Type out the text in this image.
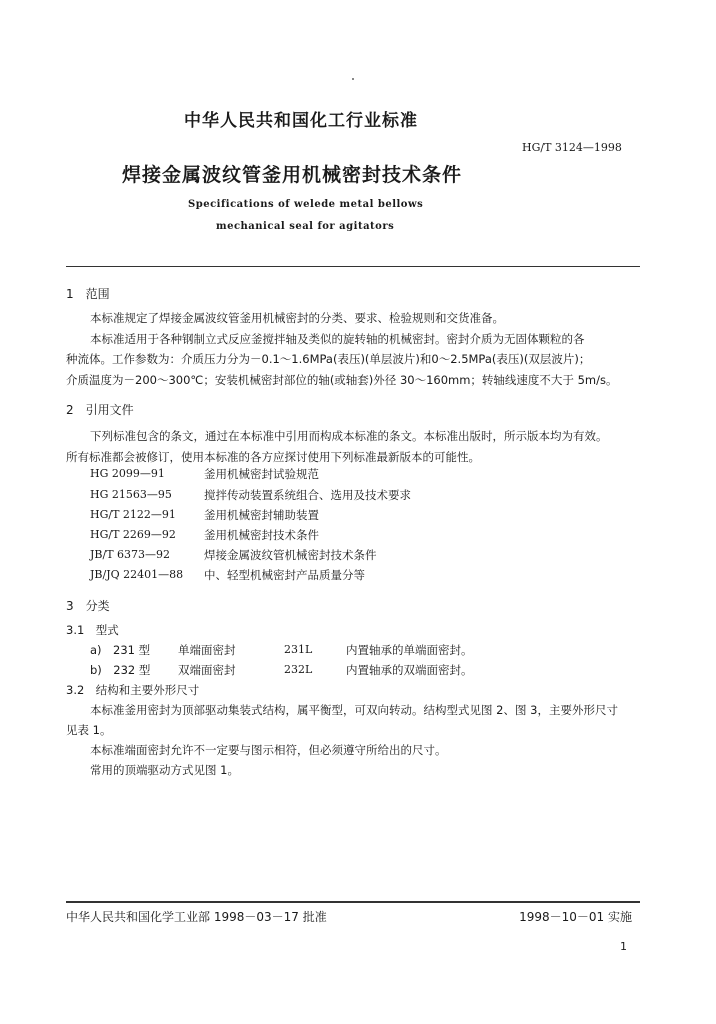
中华人民共和国化工行业标准
HG/T 3124—1998
焊接金属波纹管釜用机械密封技术条件
Specifications of welede metal bellows
mechanical seal for agitators
1　范围
本标准规定了焊接金属波纹管釜用机械密封的分类、要求、检验规则和交货准备。
本标准适用于各种钢制立式反应釜搅拌轴及类似的旋转轴的机械密封。密封介质为无固体颗粒的各
种流体。工作参数为：介质压力分为－0.1～1.6MPa(表压)(单层波片)和0～2.5MPa(表压)(双层波片)；
介质温度为－200～300℃；安装机械密封部位的轴(或轴套)外径 30～160mm；转轴线速度不大于 5m/s。
2　引用文件
下列标准包含的条文，通过在本标准中引用而构成本标准的条文。本标准出版时，所示版本均为有效。
所有标准都会被修订，使用本标准的各方应探讨使用下列标准最新版本的可能性。
HG 2099—91	釜用机械密封试验规范
HG 21563—95	搅拌传动装置系统组合、选用及技术要求
HG/T 2122—91 釜用机械密封辅助装置
HG/T 2269—92 釜用机械密封技术条件
JB/T 6373—92	焊接金属波纹管机械密封技术条件
JB/JQ 22401—88 中、轻型机械密封产品质量分等
3　分类
3.1　型式
a)　231 型 单端面密封	231L	内置轴承的单端面密封。
b)　232 型 双端面密封	232L	内置轴承的双端面密封。
3.2　结构和主要外形尺寸
本标准釜用密封为顶部驱动集装式结构，属平衡型，可双向转动。结构型式见图 2、图 3，主要外形尺寸
见表 1。
本标准端面密封允许不一定要与图示相符，但必须遵守所给出的尺寸。
常用的顶端驱动方式见图 1。
中华人民共和国化学工业部 1998－03－17 批准	1998－10－01 实施
1
